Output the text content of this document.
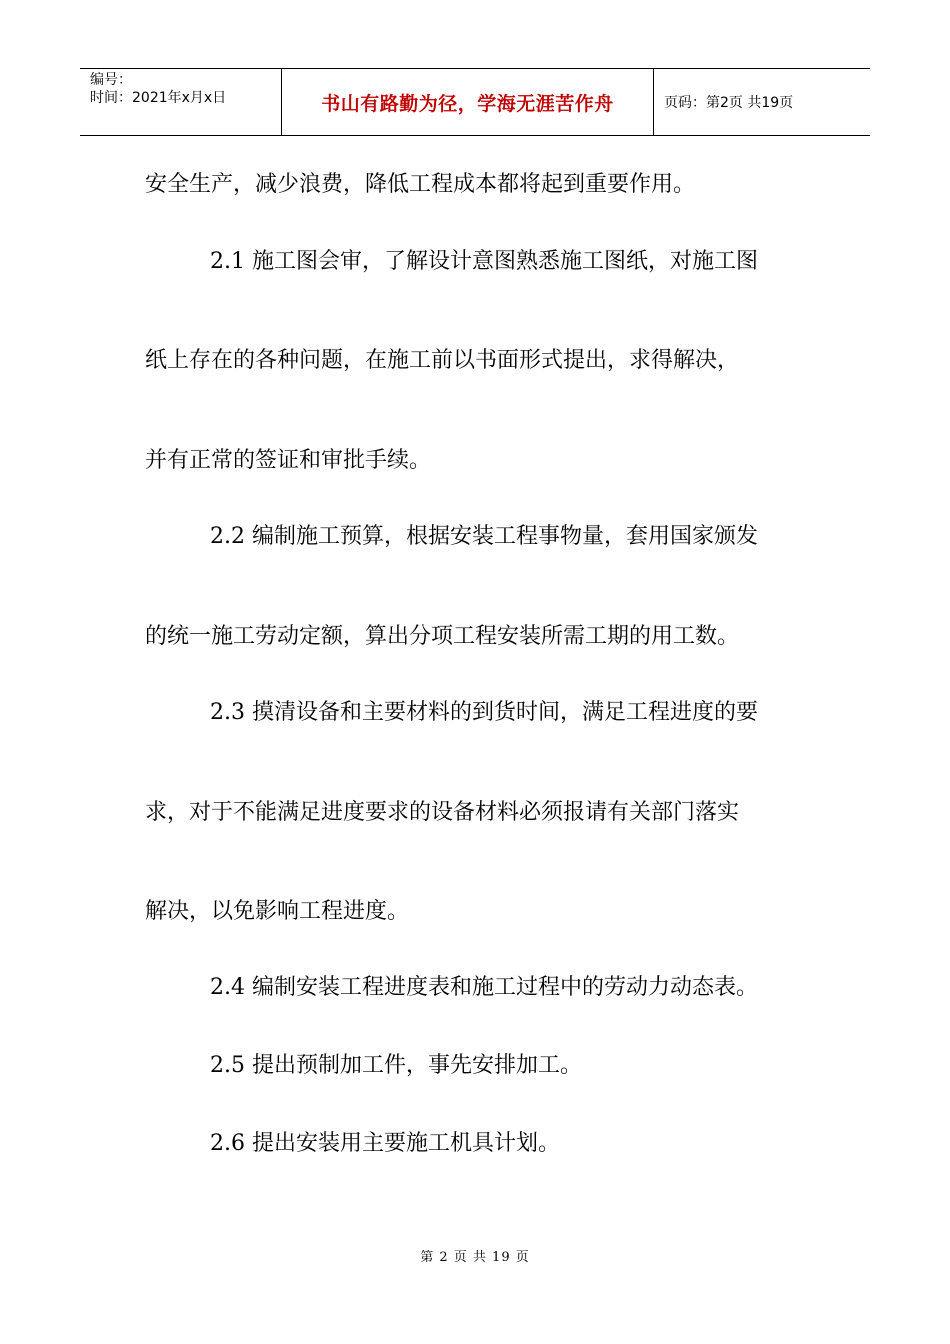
编号：
时间：2021年x月x日	书山有路勤为径，学海无涯苦作舟	页码：第2页 共19页
安全生产，减少浪费，降低工程成本都将起到重要作用。
2.1 施工图会审，了解设计意图熟悉施工图纸，对施工图
纸上存在的各种问题，在施工前以书面形式提出，求得解决，
并有正常的签证和审批手续。
2.2 编制施工预算，根据安装工程事物量，套用国家颁发
的统一施工劳动定额，算出分项工程安装所需工期的用工数。
2.3 摸清设备和主要材料的到货时间，满足工程进度的要
求，对于不能满足进度要求的设备材料必须报请有关部门落实
解决，以免影响工程进度。
2.4 编制安装工程进度表和施工过程中的劳动力动态表。
2.5 提出预制加工件，事先安排加工。
2.6 提出安装用主要施工机具计划。
第 2 页 共 19 页
